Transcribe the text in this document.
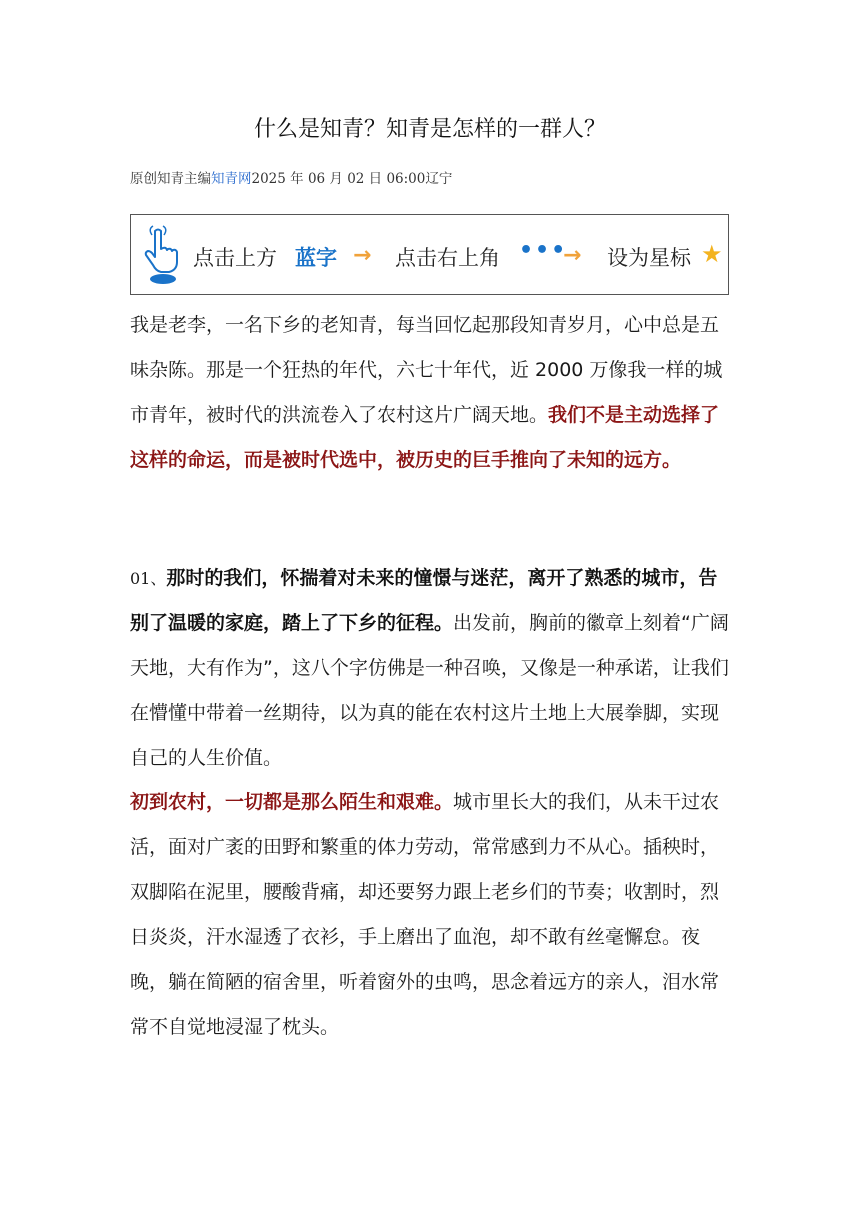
什么是知青？知青是怎样的一群人？
原创知青主编知青网2025 年 06 月 02 日 06:00辽宁
点击上方 蓝字 → 点击右上角 •••
→ 设为星标 ★
我是老李，一名下乡的老知青，每当回忆起那段知青岁月，心中总是五味杂陈。那是一个狂热的年代，六七十年代，近 2000 万像我一样的城市青年，被时代的洪流卷入了农村这片广阔天地。我们不是主动选择了这样的命运，而是被时代选中，被历史的巨手推向了未知的远方。
01、那时的我们，怀揣着对未来的憧憬与迷茫，离开了熟悉的城市，告别了温暖的家庭，踏上了下乡的征程。出发前，胸前的徽章上刻着“广阔天地，大有作为”，这八个字仿佛是一种召唤，又像是一种承诺，让我们在懵懂中带着一丝期待，以为真的能在农村这片土地上大展拳脚，实现自己的人生价值。
初到农村，一切都是那么陌生和艰难。城市里长大的我们，从未干过农活，面对广袤的田野和繁重的体力劳动，常常感到力不从心。插秧时，双脚陷在泥里，腰酸背痛，却还要努力跟上老乡们的节奏；收割时，烈日炎炎，汗水湿透了衣衫，手上磨出了血泡，却不敢有丝毫懈怠。夜晚，躺在简陋的宿舍里，听着窗外的虫鸣，思念着远方的亲人，泪水常常不自觉地浸湿了枕头。
